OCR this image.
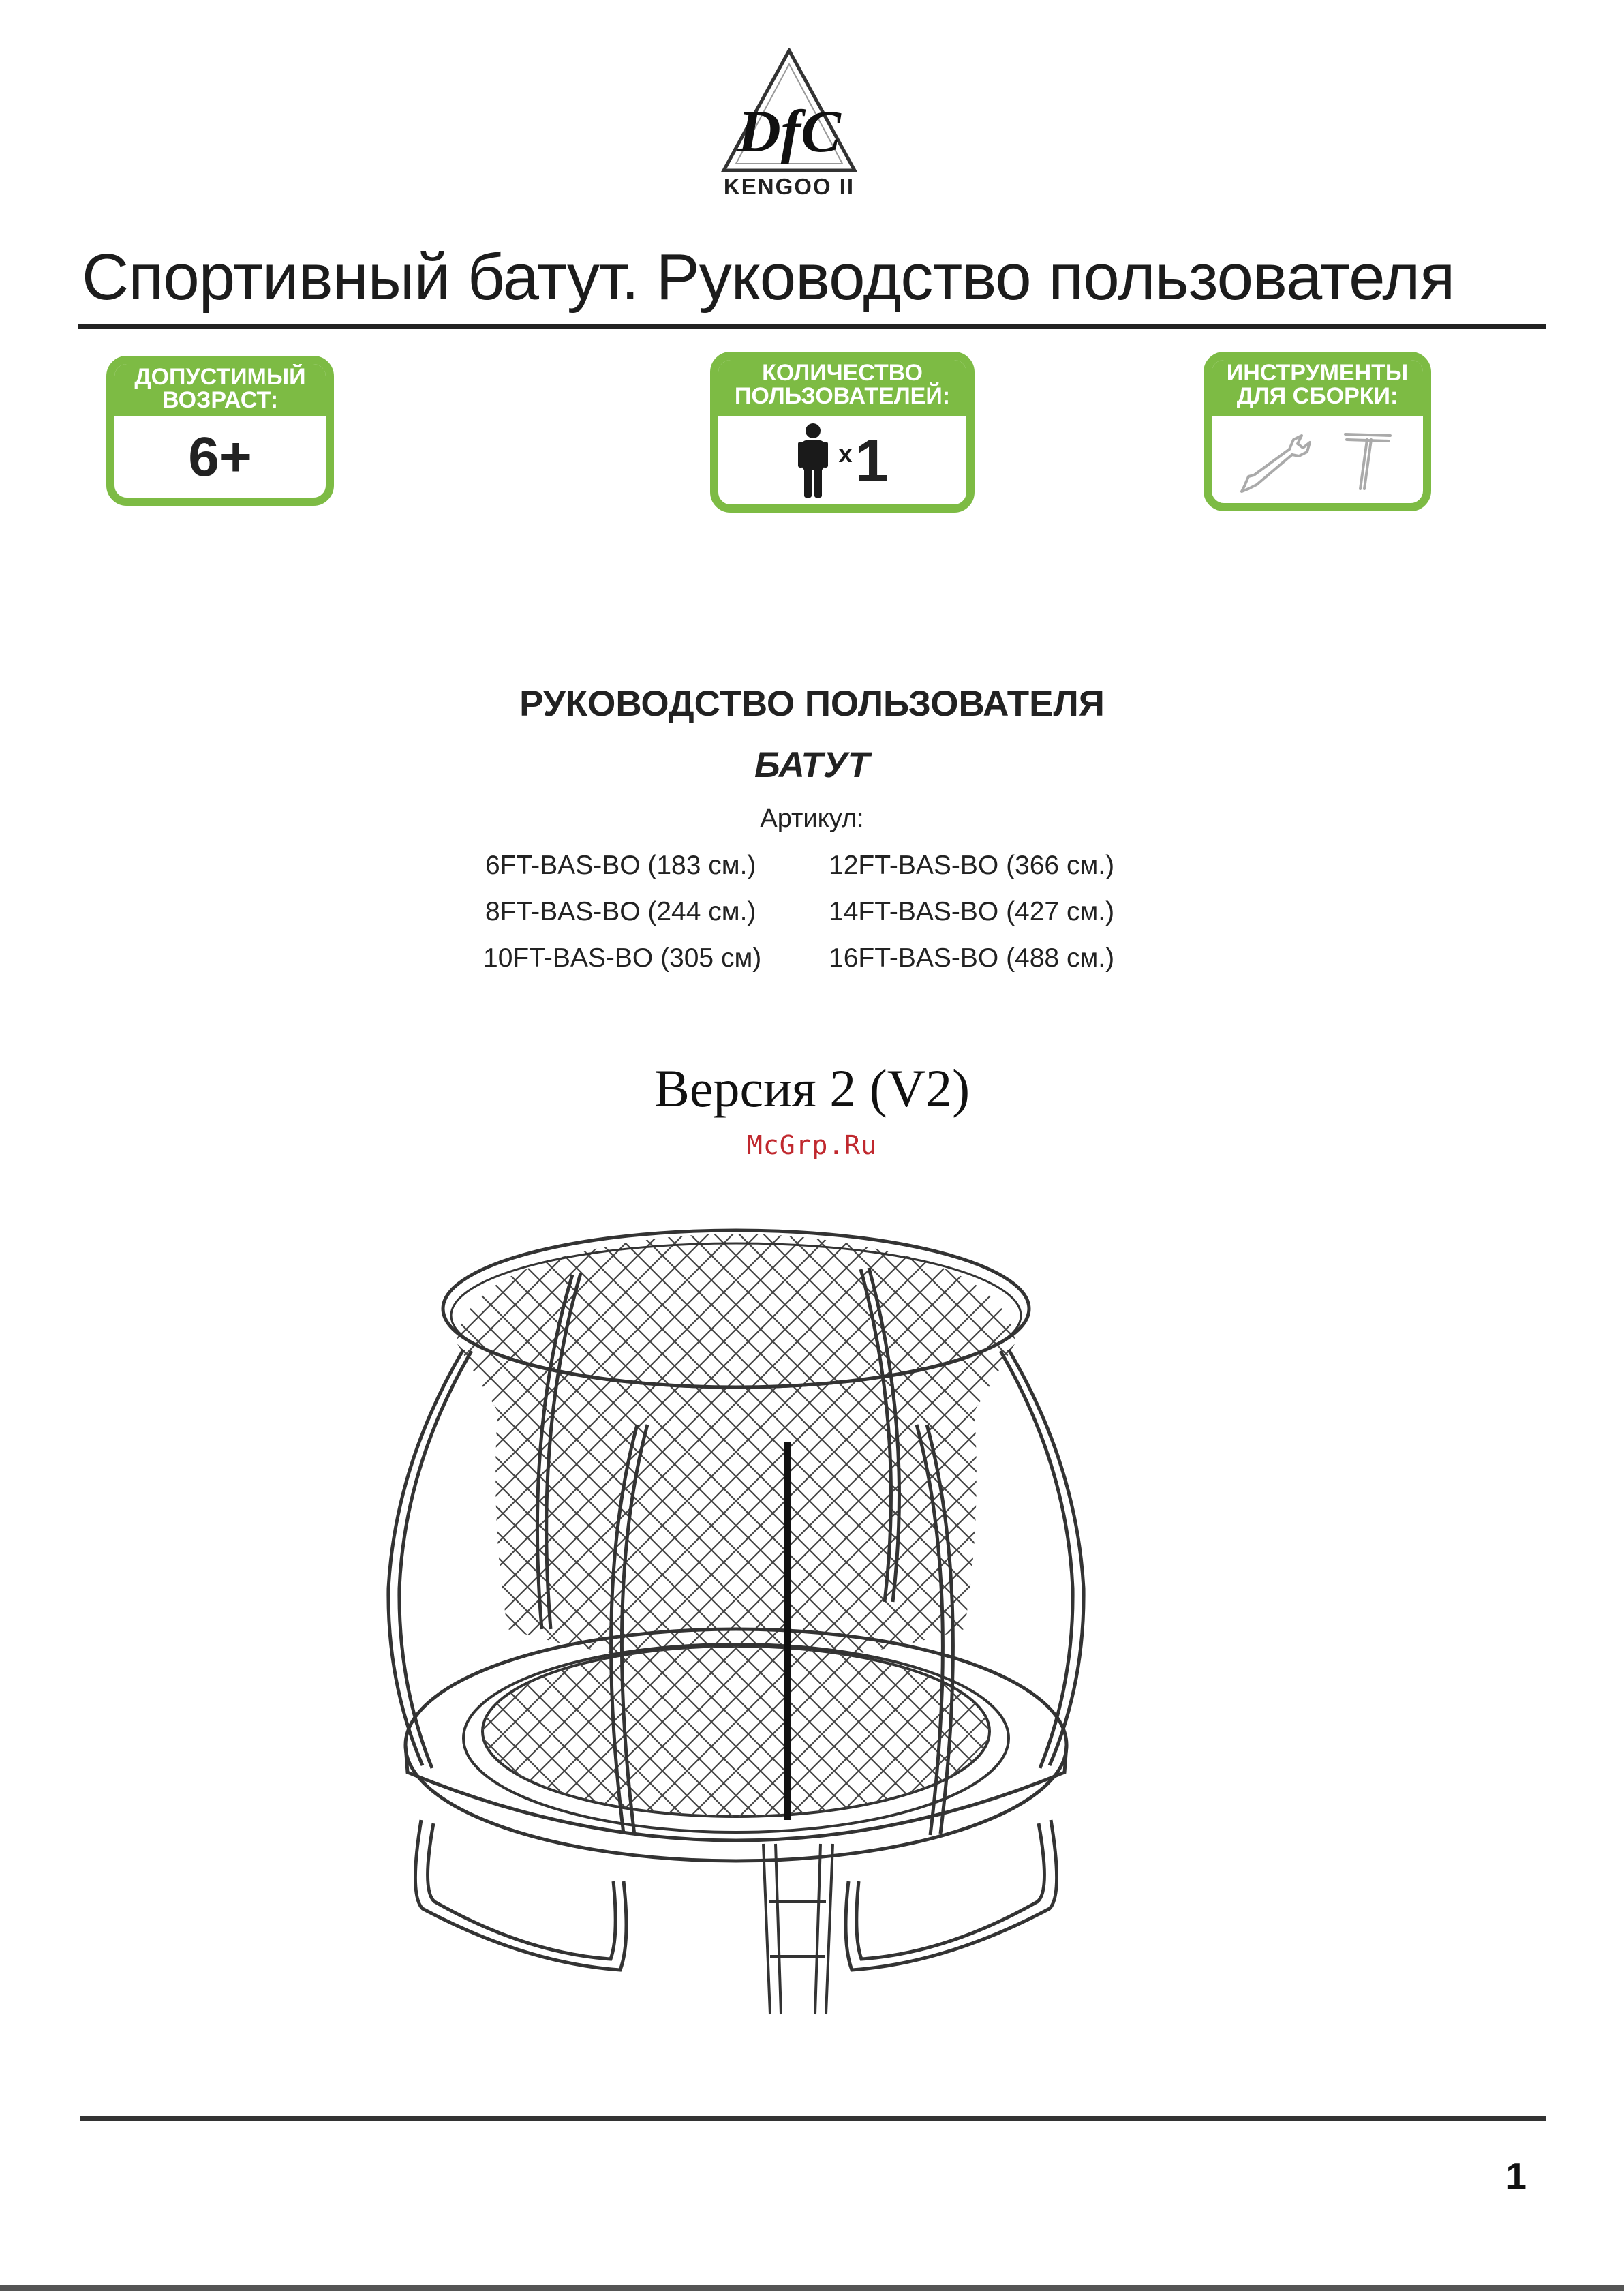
DfC
KENGOO II
Спортивный батут. Руководство пользователя
ДОПУСТИМЫЙ ВОЗРАСТ:
6+
КОЛИЧЕСТВО ПОЛЬЗОВАТЕЛЕЙ:
x 1
ИНСТРУМЕНТЫ ДЛЯ СБОРКИ:
РУКОВОДСТВО ПОЛЬЗОВАТЕЛЯ
БАТУТ
Артикул:
6FT-BAS-BO (183 см.)
8FT-BAS-BO (244 см.)
10FT-BAS-BO (305 см)
12FT-BAS-BO (366 см.)
14FT-BAS-BO (427 см.)
16FT-BAS-BO (488 см.)
Версия 2 (V2)
McGrp.Ru
1
